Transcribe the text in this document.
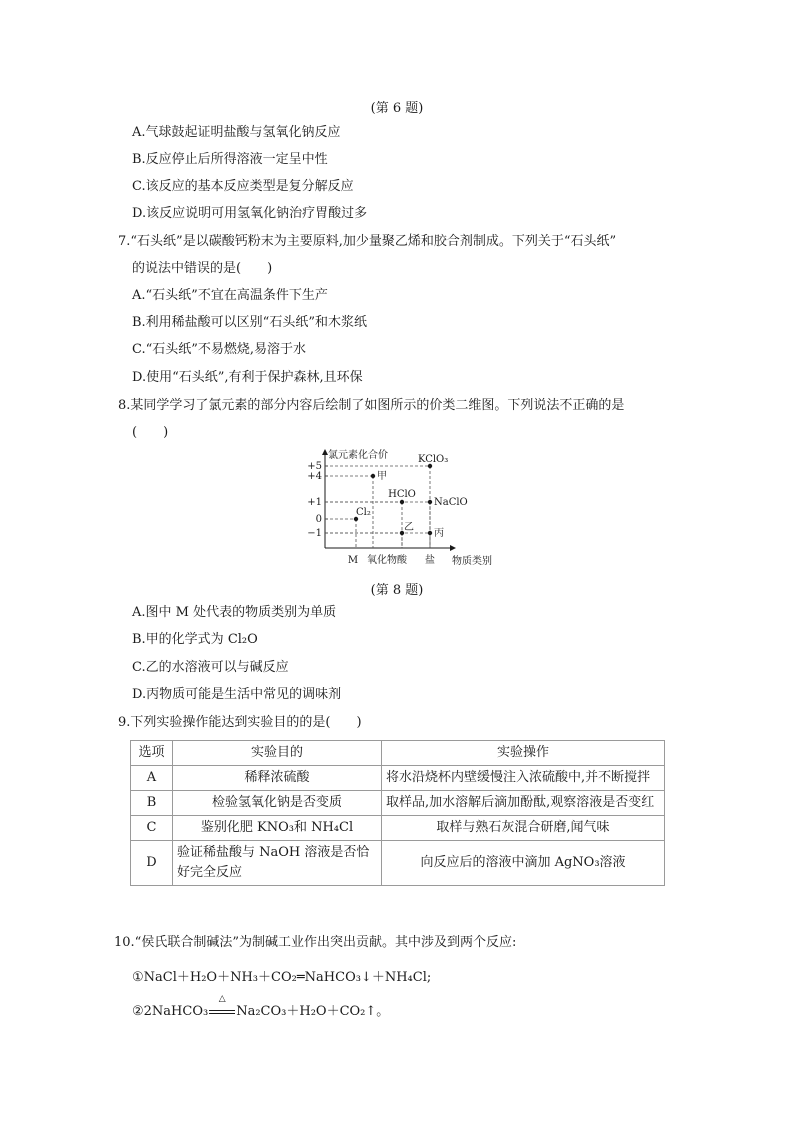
(第 6 题)
A.气球鼓起证明盐酸与氢氧化钠反应
B.反应停止后所得溶液一定呈中性
C.该反应的基本反应类型是复分解反应
D.该反应说明可用氢氧化钠治疗胃酸过多
7.“石头纸”是以碳酸钙粉末为主要原料,加少量聚乙烯和胶合剂制成。下列关于“石头纸”
的说法中错误的是(　　)
A.“石头纸”不宜在高温条件下生产
B.利用稀盐酸可以区别“石头纸”和木浆纸
C.“石头纸”不易燃烧,易溶于水
D.使用“石头纸”,有利于保护森林,且环保
8.某同学学习了氯元素的部分内容后绘制了如图所示的价类二维图。下列说法不正确的是
(　　)
氯元素化合价
物质类别
+5
+4
+1
0
−1
M 氧化物 酸 盐
Cl₂
甲
HClO
乙
KClO₃
NaClO
丙
(第 8 题)
A.图中 M 处代表的物质类别为单质
B.甲的化学式为 Cl₂O
C.乙的水溶液可以与碱反应
D.丙物质可能是生活中常见的调味剂
9.下列实验操作能达到实验目的的是(　　)
选项	实验目的	实验操作
A	稀释浓硫酸	将水沿烧杯内壁缓慢注入浓硫酸中,并不断搅拌
B	检验氢氧化钠是否变质	取样品,加水溶解后滴加酚酞,观察溶液是否变红
C	鉴别化肥 KNO₃和 NH₄Cl	取样与熟石灰混合研磨,闻气味
D	验证稀盐酸与 NaOH 溶液是否恰好完全反应	向反应后的溶液中滴加 AgNO₃溶液
10.“侯氏联合制碱法”为制碱工业作出突出贡献。其中涉及到两个反应:
①NaCl＋H₂O＋NH₃＋CO₂═NaHCO₃↓＋NH₄Cl;
②2NaHCO₃
△
Na₂CO₃＋H₂O＋CO₂↑。
